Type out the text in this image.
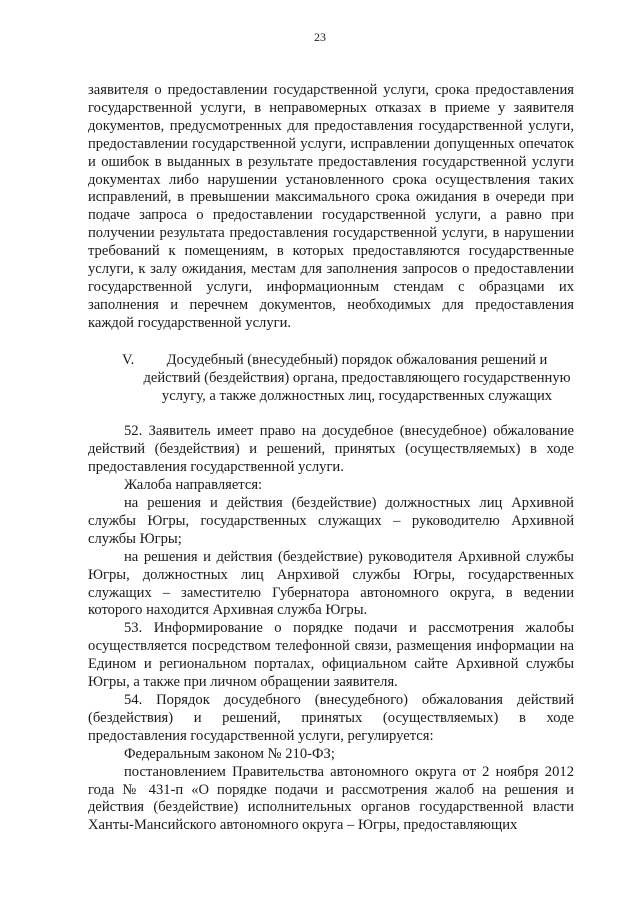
23

заявителя о предоставлении государственной услуги, срока предоставления государственной услуги, в неправомерных отказах в приеме у заявителя документов, предусмотренных для предоставления государственной услуги, предоставлении государственной услуги, исправлении допущенных опечаток и ошибок в выданных в результате предоставления государственной услуги документах либо нарушении установленного срока осуществления таких исправлений, в превышении максимального срока ожидания в очереди при подаче запроса о предоставлении государственной услуги, а равно при получении результата предоставления государственной услуги, в нарушении требований к помещениям, в которых предоставляются государственные услуги, к залу ожидания, местам для заполнения запросов о предоставлении государственной услуги, информационным стендам с образцами их заполнения и перечнем документов, необходимых для предоставления каждой государственной услуги.

V.	Досудебный (внесудебный) порядок обжалования решений и действий (бездействия) органа, предоставляющего государственную услугу, а также должностных лиц, государственных служащих

52. Заявитель имеет право на досудебное (внесудебное) обжалование действий (бездействия) и решений, принятых (осуществляемых) в ходе предоставления государственной услуги.

Жалоба направляется:

на решения и действия (бездействие) должностных лиц Архивной службы Югры, государственных служащих – руководителю Архивной службы Югры;

на решения и действия (бездействие) руководителя Архивной службы Югры, должностных лиц Анрхивой службы Югры, государственных служащих – заместителю Губернатора автономного округа, в ведении которого находится Архивная служба Югры.

53. Информирование о порядке подачи и рассмотрения жалобы осуществляется посредством телефонной связи, размещения информации на Едином и региональном порталах, официальном сайте Архивной службы Югры, а также при личном обращении заявителя.

54. Порядок досудебного (внесудебного) обжалования действий (бездействия) и решений, принятых (осуществляемых) в ходе предоставления государственной услуги, регулируется:

Федеральным законом № 210-ФЗ;

постановлением Правительства автономного округа от 2 ноября 2012 года № 431-п «О порядке подачи и рассмотрения жалоб на решения и действия (бездействие) исполнительных органов государственной власти Ханты-Мансийского автономного округа – Югры, предоставляющих
